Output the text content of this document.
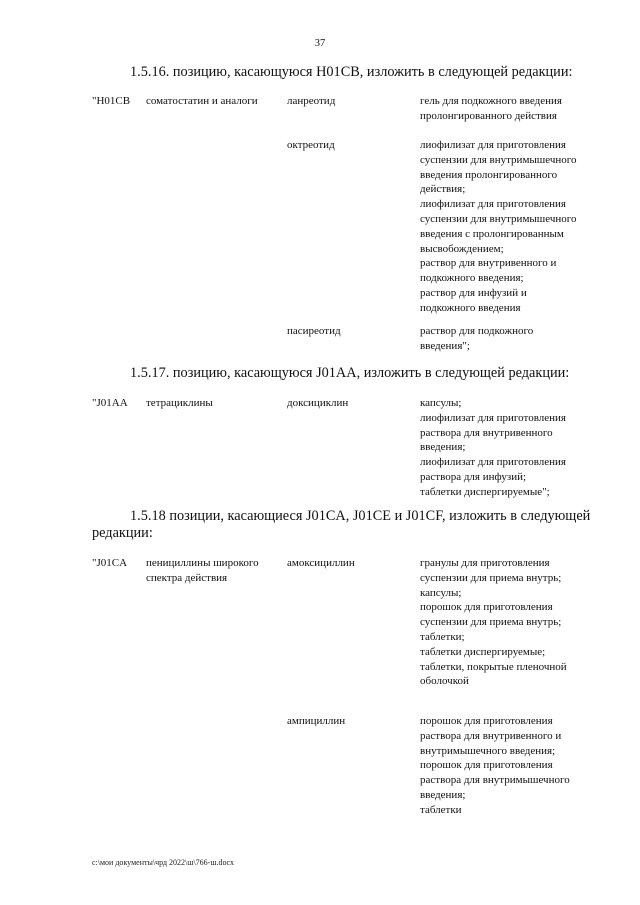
37
1.5.16. позицию, касающуюся Н01СВ, изложить в следующей редакции:
"H01CB	соматостатин и аналоги	ланреотид	гель для подкожного введения
пролонгированного действия
октреотид	лиофилизат для приготовления
суспензии для внутримышечного
введения пролонгированного
действия;
лиофилизат для приготовления
суспензии для внутримышечного
введения с пролонгированным
высвобождением;
раствор для внутривенного и
подкожного введения;
раствор для инфузий и
подкожного введения
пасиреотид	раствор для подкожного
введения";
1.5.17. позицию, касающуюся J01AA, изложить в следующей редакции:
"J01AA	тетрациклины	доксициклин	капсулы;
лиофилизат для приготовления
раствора для внутривенного
введения;
лиофилизат для приготовления
раствора для инфузий;
таблетки диспергируемые";
1.5.18 позиции, касающиеся J01CA, J01CE и J01CF, изложить в следующей редакции:
"J01CA	пенициллины широкого
спектра действия
амоксициллин	гранулы для приготовления
суспензии для приема внутрь;
капсулы;
порошок для приготовления
суспензии для приема внутрь;
таблетки;
таблетки диспергируемые;
таблетки, покрытые пленочной
оболочкой
ампициллин	порошок для приготовления
раствора для внутривенного и
внутримышечного введения;
порошок для приготовления
раствора для внутримышечного
введения;
таблетки
c:\мои документы\чрд 2022\ш\766-ш.docx
